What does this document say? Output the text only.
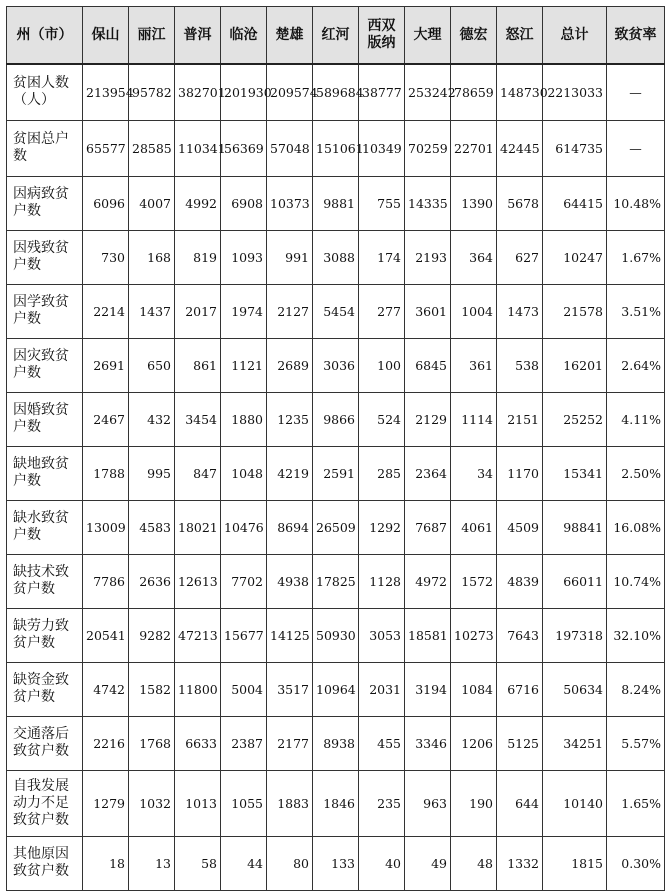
州（市）	保山	丽江	普洱	临沧	楚雄	红河	西双版纳	大理	德宏	怒江	总计	致贫率
贫困人数（人）	213954	95782	382701	201930	209574	589684	38777	253242	78659	148730	2213033	—
贫困总户数	65577	28585	110341	56369	57048	151061	10349	70259	22701	42445	614735	—
因病致贫户数	6096	4007	4992	6908	10373	9881	755	14335	1390	5678	64415	10.48%
因残致贫户数	730	168	819	1093	991	3088	174	2193	364	627	10247	1.67%
因学致贫户数	2214	1437	2017	1974	2127	5454	277	3601	1004	1473	21578	3.51%
因灾致贫户数	2691	650	861	1121	2689	3036	100	6845	361	538	16201	2.64%
因婚致贫户数	2467	432	3454	1880	1235	9866	524	2129	1114	2151	25252	4.11%
缺地致贫户数	1788	995	847	1048	4219	2591	285	2364	34	1170	15341	2.50%
缺水致贫户数	13009	4583	18021	10476	8694	26509	1292	7687	4061	4509	98841	16.08%
缺技术致贫户数	7786	2636	12613	7702	4938	17825	1128	4972	1572	4839	66011	10.74%
缺劳力致贫户数	20541	9282	47213	15677	14125	50930	3053	18581	10273	7643	197318	32.10%
缺资金致贫户数	4742	1582	11800	5004	3517	10964	2031	3194	1084	6716	50634	8.24%
交通落后致贫户数	2216	1768	6633	2387	2177	8938	455	3346	1206	5125	34251	5.57%
自我发展动力不足致贫户数	1279	1032	1013	1055	1883	1846	235	963	190	644	10140	1.65%
其他原因致贫户数	18	13	58	44	80	133	40	49	48	1332	1815	0.30%
